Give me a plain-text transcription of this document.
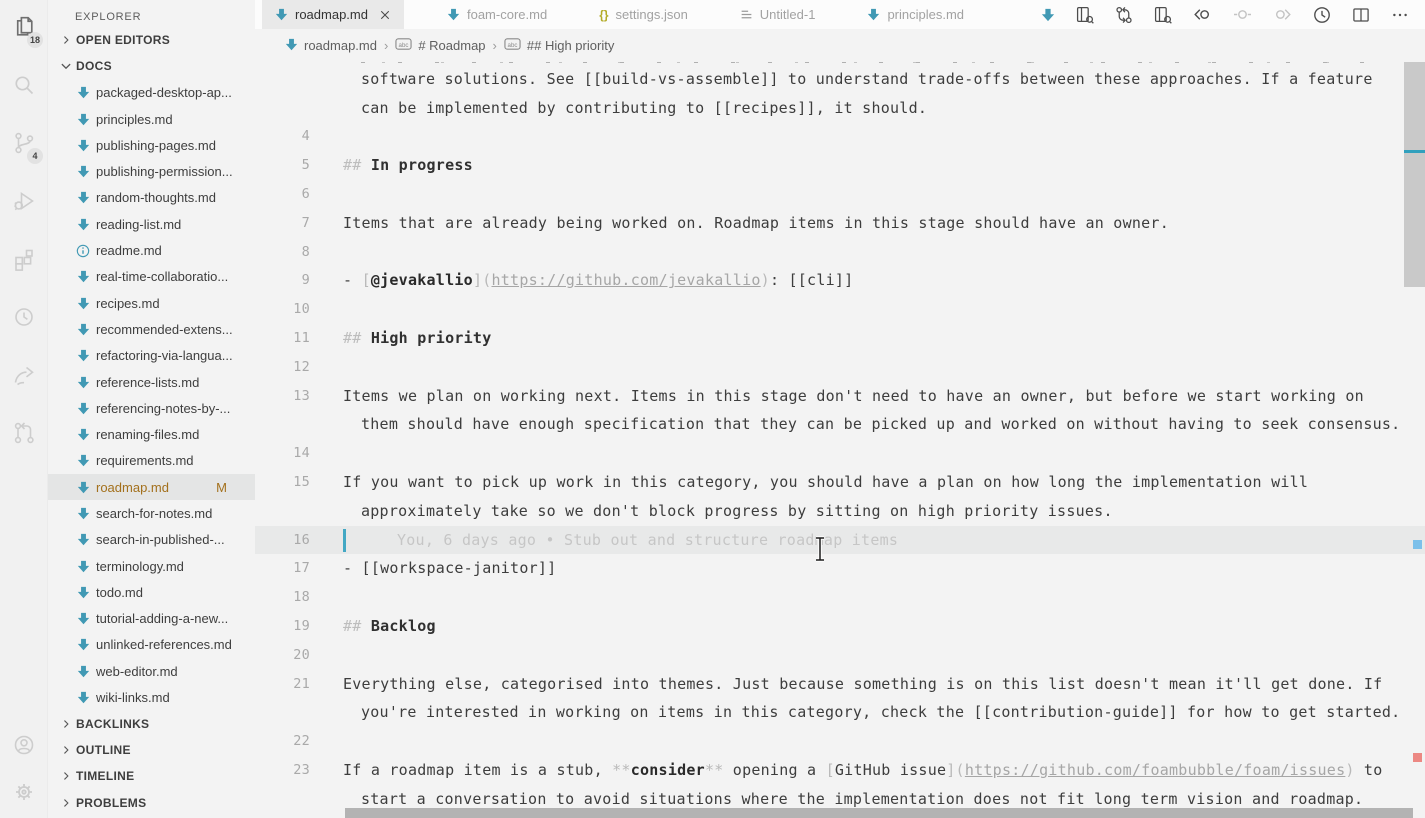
18
4
EXPLORER
OPEN EDITORS
DOCS
packaged-desktop-ap...
principles.md
publishing-pages.md
publishing-permission...
random-thoughts.md
reading-list.md
readme.md
real-time-collaboratio...
recipes.md
recommended-extens...
refactoring-via-langua...
reference-lists.md
referencing-notes-by-...
renaming-files.md
requirements.md
roadmap.md	M
search-for-notes.md
search-in-published-...
terminology.md
todo.md
tutorial-adding-a-new...
unlinked-references.md
web-editor.md
wiki-links.md
BACKLINKS
OUTLINE
TIMELINE
PROBLEMS
roadmap.md	foam-core.md	{} settings.json	Untitled-1	principles.md
roadmap.md › abc # Roadmap › abc ## High priority
software solutions. See [[build-vs-assemble]] to understand trade-offs between these approaches. If a feature
can be implemented by contributing to [[recipes]], it should.
4
5	## In progress
6
7	Items that are already being worked on. Roadmap items in this stage should have an owner.
8
9	- [@jevakallio](https://github.com/jevakallio): [[cli]]
10
11	## High priority
12
13	Items we plan on working next. Items in this stage don't need to have an owner, but before we start working on
them should have enough specification that they can be picked up and worked on without having to seek consensus.
14
15	If you want to pick up work in this category, you should have a plan on how long the implementation will
approximately take so we don't block progress by sitting on high priority issues.
16	You, 6 days ago • Stub out and structure roadmap items
17	- [[workspace-janitor]]
18
19	## Backlog
20
21	Everything else, categorised into themes. Just because something is on this list doesn't mean it'll get done. If
you're interested in working on items in this category, check the [[contribution-guide]] for how to get started.
22
23	If a roadmap item is a stub, **consider** opening a [GitHub issue](https://github.com/foambubble/foam/issues) to
start a conversation to avoid situations where the implementation does not fit long term vision and roadmap.
